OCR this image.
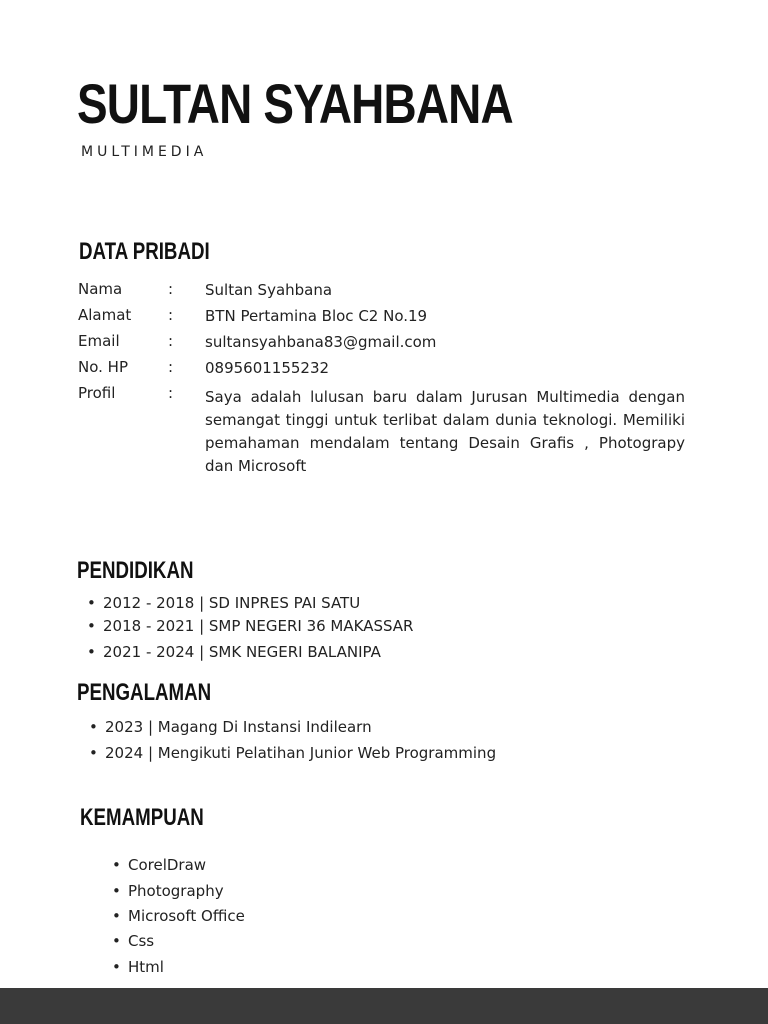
SULTAN SYAHBANA
MULTIMEDIA
DATA PRIBADI
Nama	: Sultan Syahbana
Alamat : BTN Pertamina Bloc C2 No.19
Email	: sultansyahbana83@gmail.com
No. HP	: 0895601155232
Profil	: Saya adalah lulusan baru dalam Jurusan Multimedia dengan semangat tinggi untuk terlibat dalam dunia teknologi. Memiliki pemahaman mendalam tentang Desain Grafis , Photograpy dan Microsoft
PENDIDIKAN
• 2012 - 2018 | SD INPRES PAI SATU
• 2018 - 2021 | SMP NEGERI 36 MAKASSAR
• 2021 - 2024 | SMK NEGERI BALANIPA
PENGALAMAN
• 2023 | Magang Di Instansi Indilearn
• 2024 | Mengikuti Pelatihan Junior Web Programming
KEMAMPUAN
• CorelDraw
• Photography
• Microsoft Office
• Css
• Html
